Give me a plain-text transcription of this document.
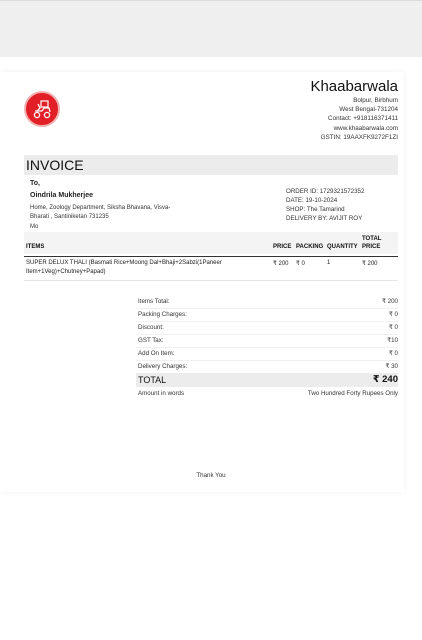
Khaabarwala
Bolpur, Birbhum
West Bengal-731204
Contact: +918116371411
www.khaabarwala.com
GSTIN: 19AAXFK9272F1ZI
INVOICE
To,
Oindrila Mukherjee
Home, Zoology Department, Siksha Bhavana, Visva-Bharati , Santiniketan 731235
Mo
ORDER ID: 1729321572352
DATE: 19-10-2024
SHOP: The Tamarind
DELIVERY BY: AVIJIT ROY
ITEMS	PRICE PACKING QUANTITY
TOTAL
PRICE
SUPER DELUX THALI (Basmati Rice+Moong Dal+Bhaji+2Sabzi(1Paneer
Item+1Veg)+Chutney+Papad)
₹ 200 ₹ 0	1	₹ 200
Items Total:	₹ 200
Packing Charges:	₹ 0
Discount:	₹ 0
GST Tax:	₹10
Add On Item:	₹ 0
Delivery Charges:	₹ 30
TOTAL	₹ 240
Amount in words	Two Hundred Forty Rupees Only
Thank You
